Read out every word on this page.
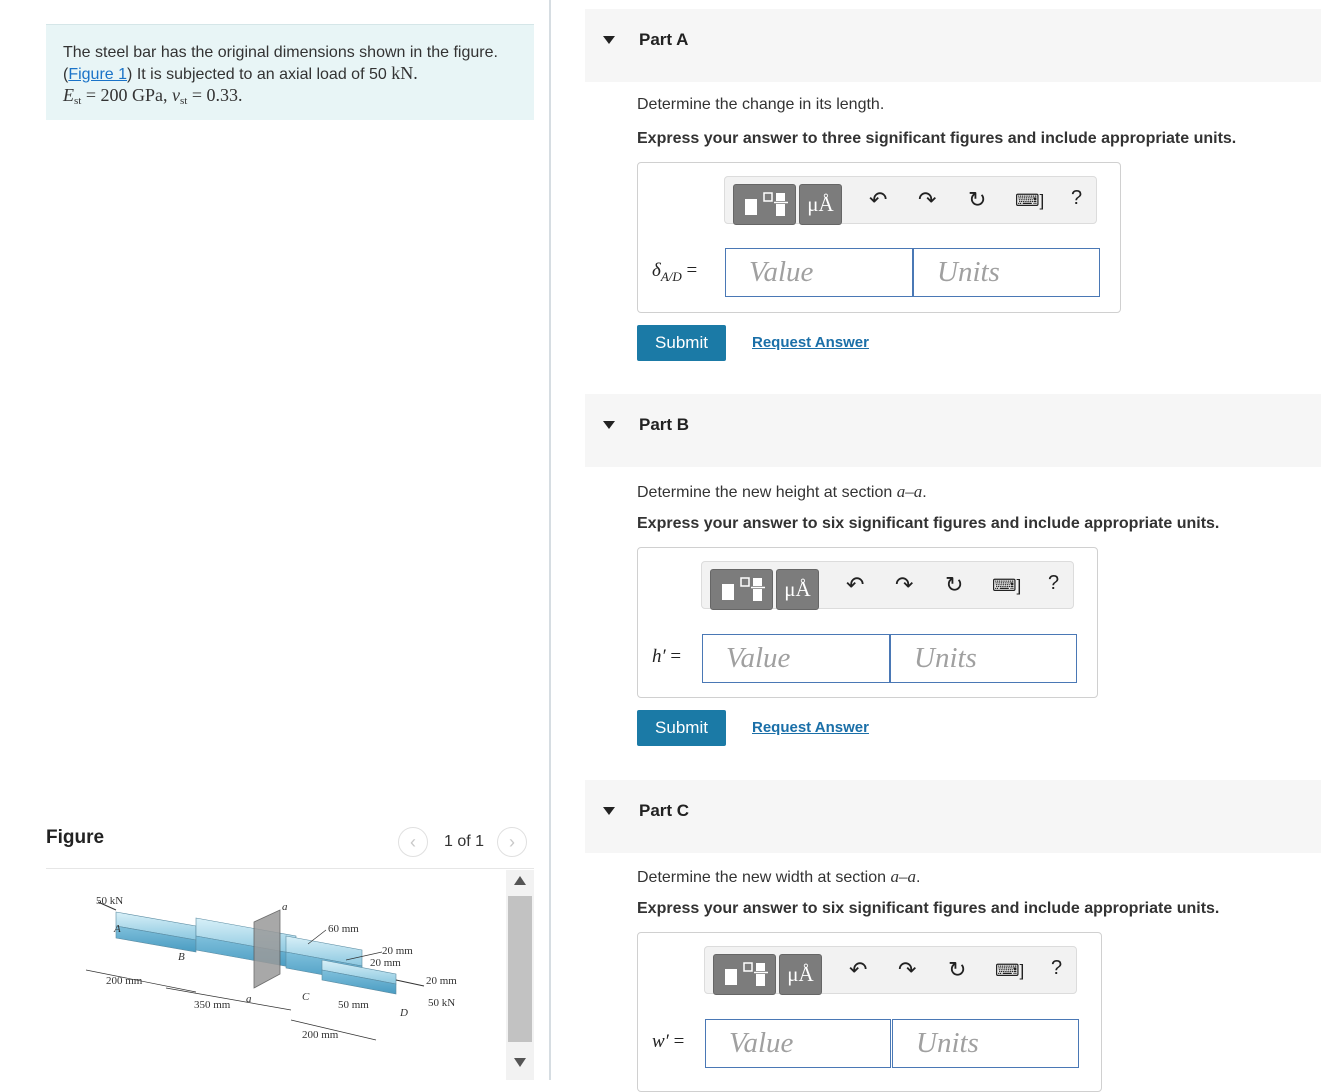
The steel bar has the original dimensions shown in the figure.
(Figure 1) It is subjected to an axial load of 50 kN.
$E_{st} = 200$ GPa, $\nu_{st} = 0.33$.
Figure	‹	1 of 1	›
50 kN
A
B
C
D
a
a
60 mm
20 mm
20 mm
20 mm
200 mm
350 mm	50 mm	50 kN
200 mm
Part A
Determine the change in its length.
Express your answer to three significant figures and include appropriate units.
μÅ	↶ ↷ ↻ ⌨] ?
$\delta_{A/D}$ =
Value
Units
Submit	Request Answer
Part B
Determine the new height at section a–a.
Express your answer to six significant figures and include appropriate units.
μÅ	↶ ↷ ↻ ⌨] ?
h′ =
Value
Units
Submit	Request Answer
Part C
Determine the new width at section a–a.
Express your answer to six significant figures and include appropriate units.
μÅ	↶ ↷ ↻ ⌨] ?
w′ =
Value
Units
